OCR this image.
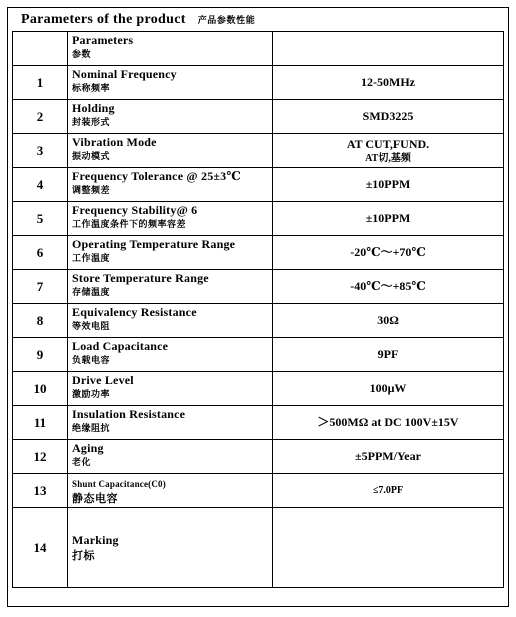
Parameters of the product 产品参数性能

	Parameters
参数	

1	Nominal Frequency
标称频率	12-50MHz
2	Holding
封装形式	SMD3225
3	Vibration Mode
振动模式	AT CUT,FUND.
AT切,基频

4	Frequency Tolerance @ 25±3℃
调整频差	±10PPM
5	Frequency Stability@ 6
工作温度条件下的频率容差	±10PPM
6	Operating Temperature Range
工作温度	-20℃～+70℃
7	Store Temperature Range
存储温度	-40℃～+85℃
8	Equivalency Resistance
等效电阻	30Ω
9	Load Capacitance
负载电容	9PF
10	Drive Level
激励功率	100μW
11	Insulation Resistance
绝缘阻抗	＞500MΩ at DC 100V±15V
12	Aging
老化	±5PPM/Year
13	Shunt Capacitance(C0)
静态电容	≤7.0PF
14	Marking
打标	
